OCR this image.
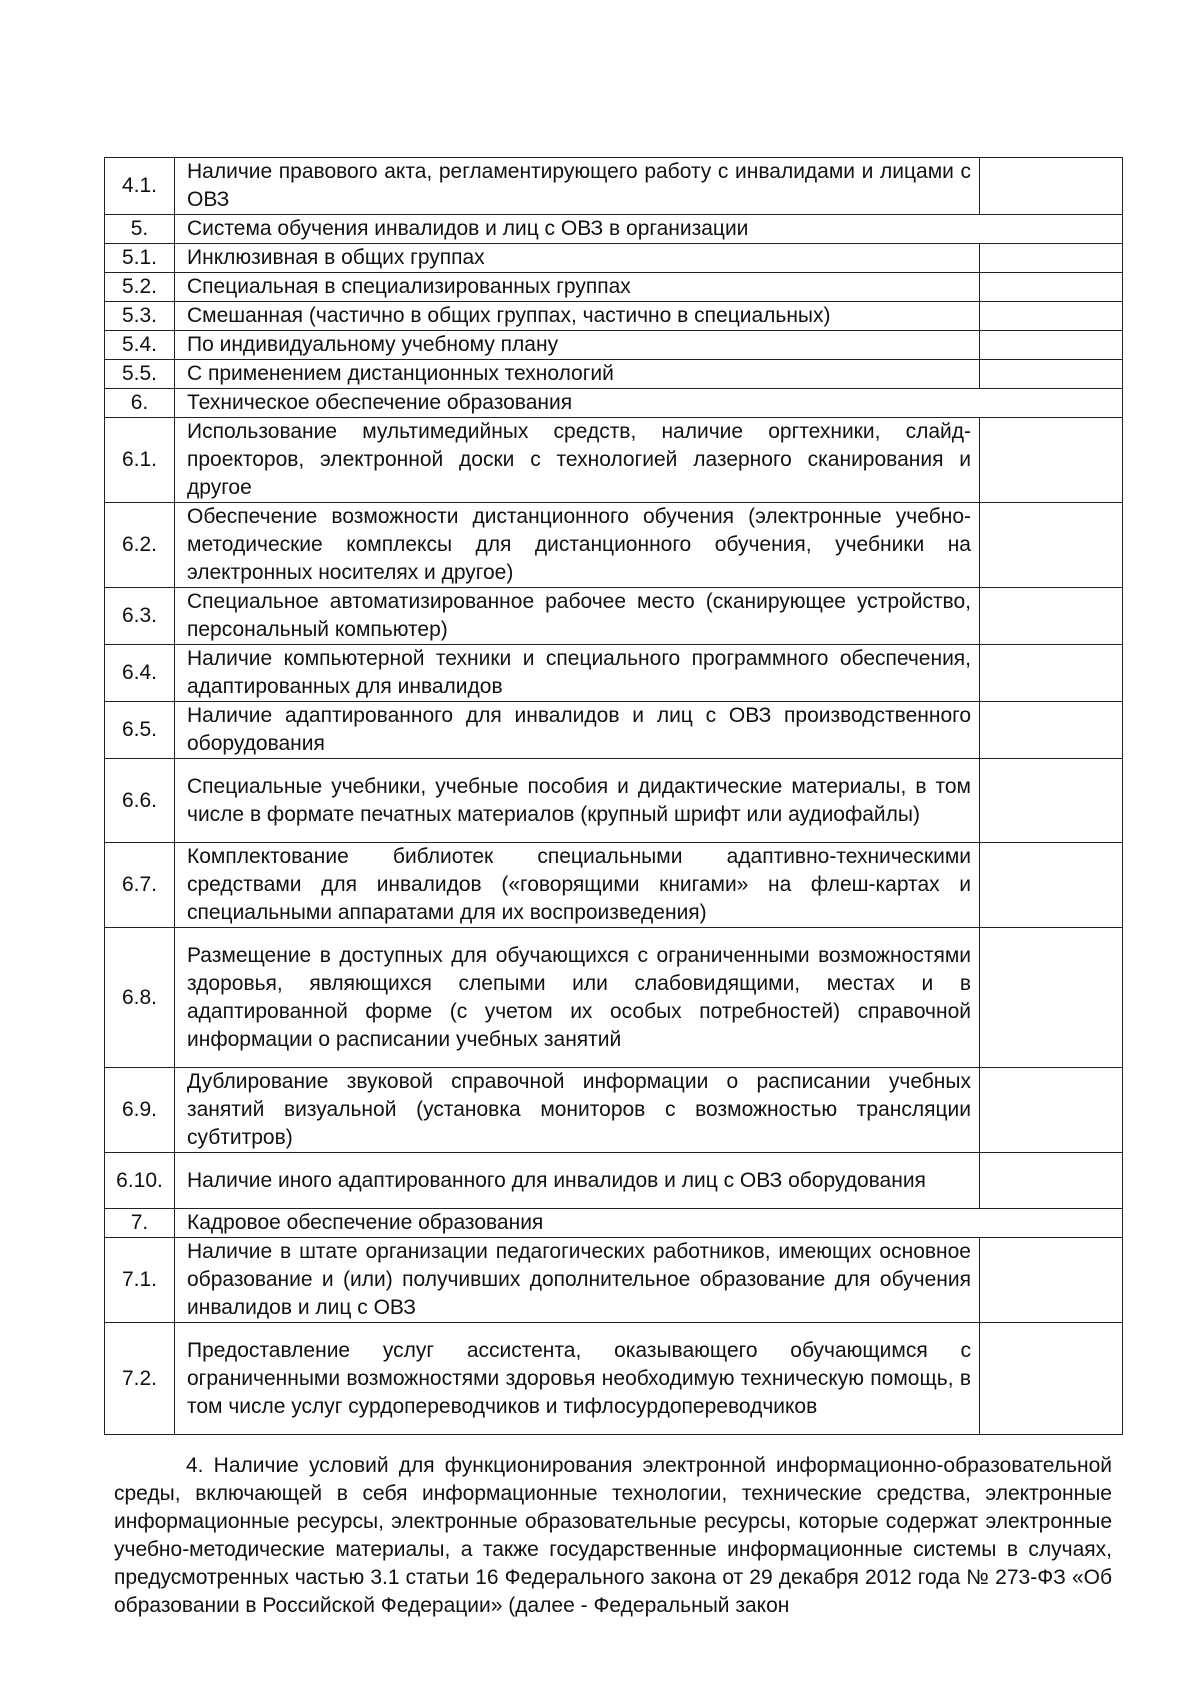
4.1.	Наличие правового акта, регламентирующего работу с инвалидами и лицами с ОВЗ	
5.	Система обучения инвалидов и лиц с ОВЗ в организации	
5.1.	Инклюзивная в общих группах	
5.2.	Специальная в специализированных группах	
5.3.	Смешанная (частично в общих группах, частично в специальных)	
5.4.	По индивидуальному учебному плану	
5.5.	С применением дистанционных технологий	
6.	Техническое обеспечение образования	
6.1.	Использование мультимедийных средств, наличие оргтехники, слайд-проекторов, электронной доски с технологией лазерного сканирования и другое	
6.2.	Обеспечение возможности дистанционного обучения (электронные учебно-методические комплексы для дистанционного обучения, учебники на электронных носителях и другое)	
6.3.	Специальное автоматизированное рабочее место (сканирующее устройство, персональный компьютер)	
6.4.	Наличие компьютерной техники и специального программного обеспечения, адаптированных для инвалидов	
6.5.	Наличие адаптированного для инвалидов и лиц с ОВЗ производственного оборудования	
6.6.	Специальные учебники, учебные пособия и дидактические материалы, в том числе в формате печатных материалов (крупный шрифт или аудиофайлы)	
6.7.	Комплектование библиотек специальными адаптивно-техническими средствами для инвалидов («говорящими книгами» на флеш-картах и специальными аппаратами для их воспроизведения)	
6.8.	Размещение в доступных для обучающихся с ограниченными возможностями здоровья, являющихся слепыми или слабовидящими, местах и в адаптированной форме (с учетом их особых потребностей) справочной информации о расписании учебных занятий	
6.9.	Дублирование звуковой справочной информации о расписании учебных занятий визуальной (установка мониторов с возможностью трансляции субтитров)	
6.10.	Наличие иного адаптированного для инвалидов и лиц с ОВЗ оборудования	
7.	Кадровое обеспечение образования	
7.1.	Наличие в штате организации педагогических работников, имеющих основное образование и (или) получивших дополнительное образование для обучения инвалидов и лиц с ОВЗ	
7.2.	Предоставление услуг ассистента, оказывающего обучающимся с ограниченными возможностями здоровья необходимую техническую помощь, в том числе услуг сурдопереводчиков и тифлосурдопереводчиков	

4. Наличие условий для функционирования электронной информационно-образовательной среды, включающей в себя информационные технологии, технические средства, электронные информационные ресурсы, электронные образовательные ресурсы, которые содержат электронные учебно-методические материалы, а также государственные информационные системы в случаях, предусмотренных частью 3.1 статьи 16 Федерального закона от 29 декабря 2012 года № 273-ФЗ «Об образовании в Российской Федерации» (далее - Федеральный закон
